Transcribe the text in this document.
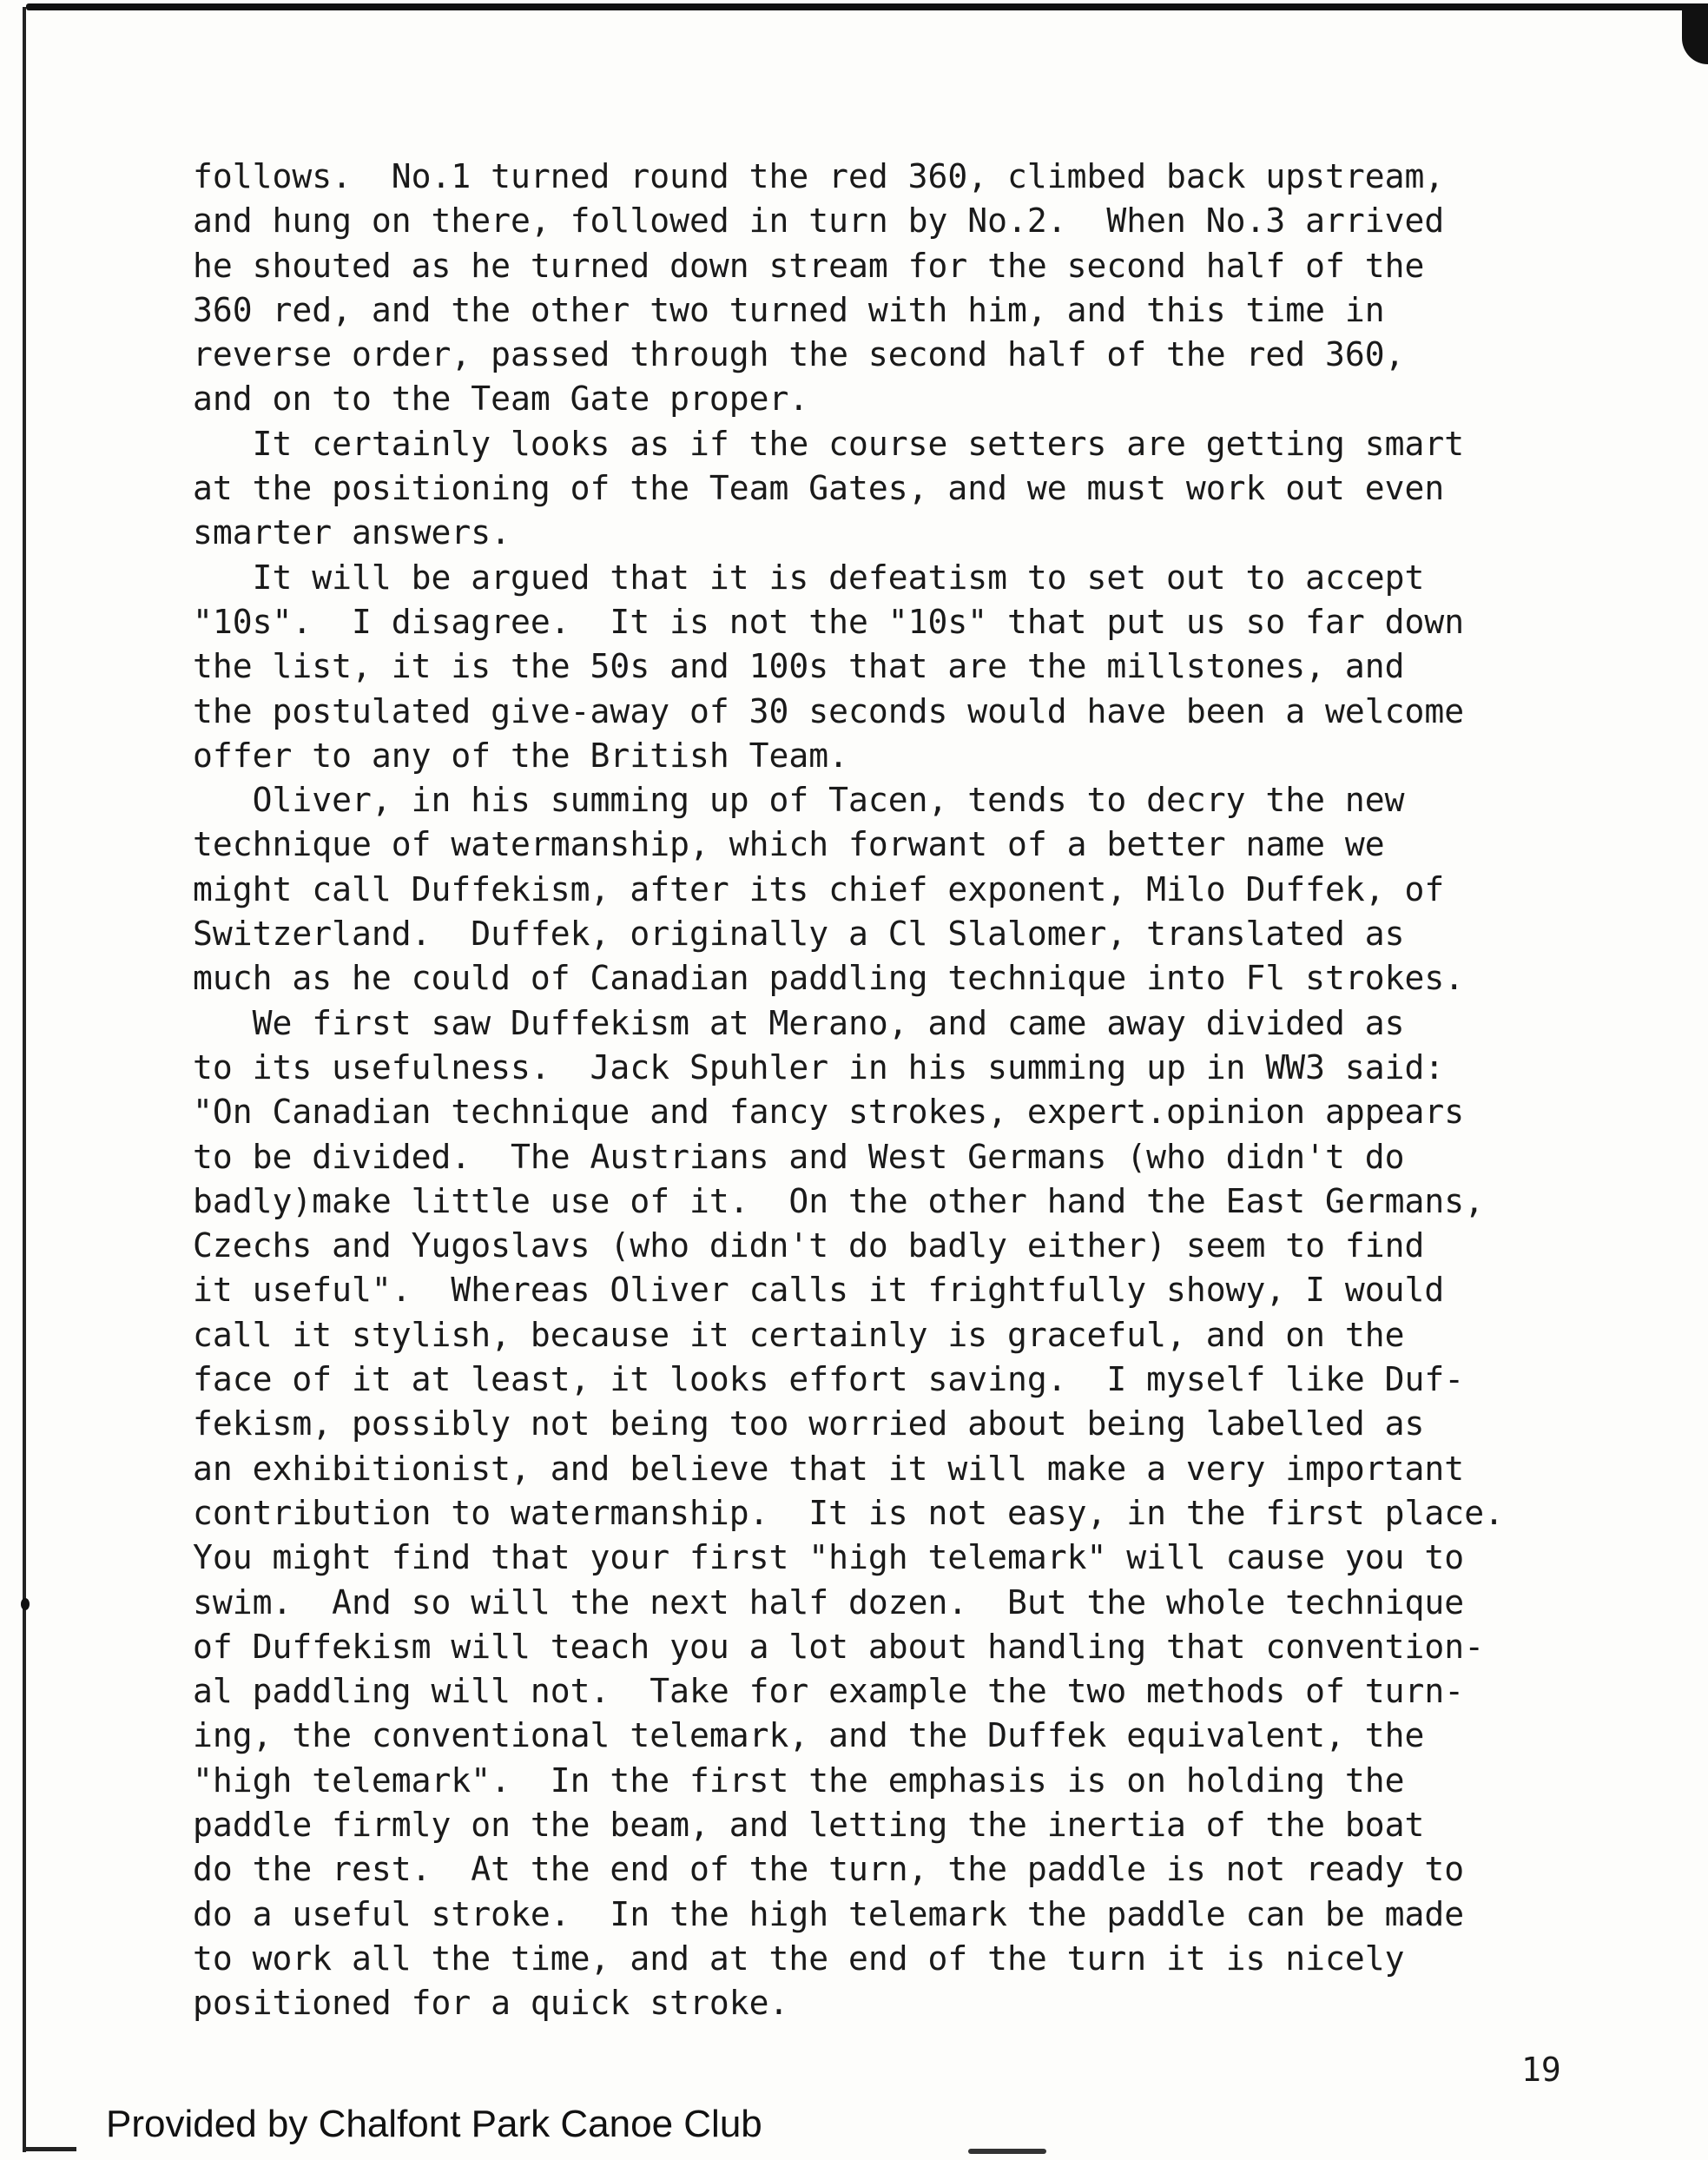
follows.  No.1 turned round the red 360, climbed back upstream,
and hung on there, followed in turn by No.2.  When No.3 arrived
he shouted as he turned down stream for the second half of the
360 red, and the other two turned with him, and this time in
reverse order, passed through the second half of the red 360,
and on to the Team Gate proper.
It certainly looks as if the course setters are getting smart
at the positioning of the Team Gates, and we must work out even
smarter answers.
It will be argued that it is defeatism to set out to accept
"10s".  I disagree.  It is not the "10s" that put us so far down
the list, it is the 50s and 100s that are the millstones, and
the postulated give-away of 30 seconds would have been a welcome
offer to any of the British Team.
Oliver, in his summing up of Tacen, tends to decry the new
technique of watermanship, which forwant of a better name we
might call Duffekism, after its chief exponent, Milo Duffek, of
Switzerland.  Duffek, originally a Cl Slalomer, translated as
much as he could of Canadian paddling technique into Fl strokes.
We first saw Duffekism at Merano, and came away divided as
to its usefulness.  Jack Spuhler in his summing up in WW3 said:
"On Canadian technique and fancy strokes, expert.opinion appears
to be divided.  The Austrians and West Germans (who didn't do
badly)make little use of it.  On the other hand the East Germans,
Czechs and Yugoslavs (who didn't do badly either) seem to find
it useful".  Whereas Oliver calls it frightfully showy, I would
call it stylish, because it certainly is graceful, and on the
face of it at least, it looks effort saving.  I myself like Duf-
fekism, possibly not being too worried about being labelled as
an exhibitionist, and believe that it will make a very important
contribution to watermanship.  It is not easy, in the first place.
You might find that your first "high telemark" will cause you to
swim.  And so will the next half dozen.  But the whole technique
of Duffekism will teach you a lot about handling that convention-
al paddling will not.  Take for example the two methods of turn-
ing, the conventional telemark, and the Duffek equivalent, the
"high telemark".  In the first the emphasis is on holding the
paddle firmly on the beam, and letting the inertia of the boat
do the rest.  At the end of the turn, the paddle is not ready to
do a useful stroke.  In the high telemark the paddle can be made
to work all the time, and at the end of the turn it is nicely
positioned for a quick stroke.

19

Provided by Chalfont Park Canoe Club
